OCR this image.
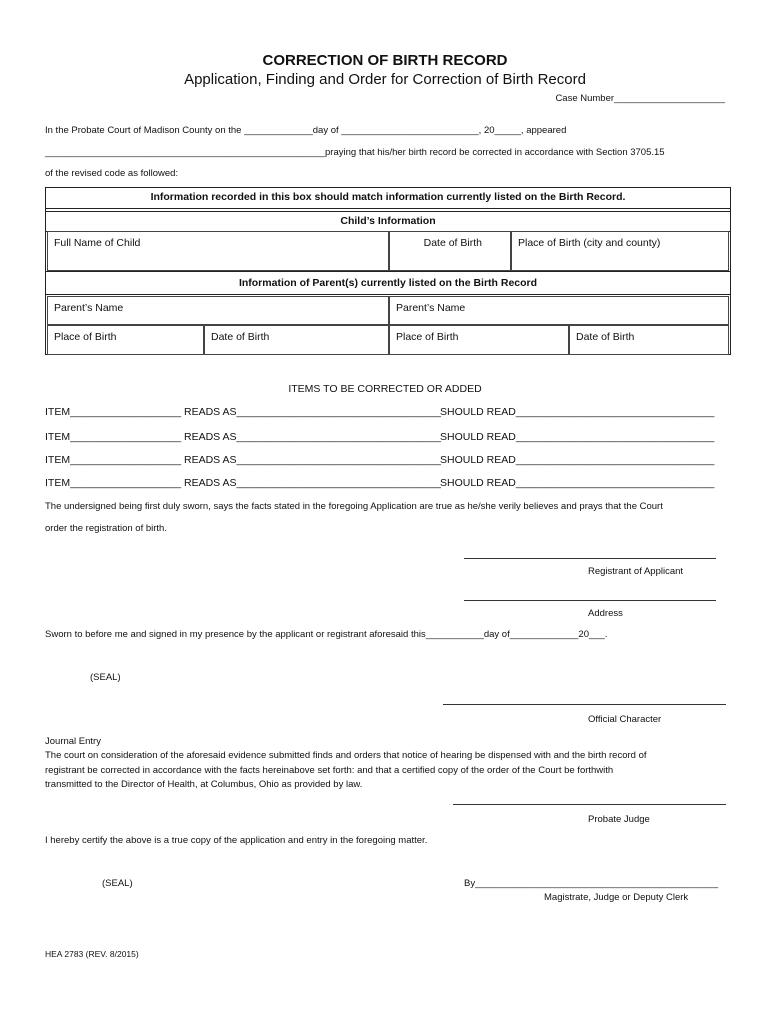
CORRECTION OF BIRTH RECORD
Application, Finding and Order for Correction of Birth Record
Case Number_____________________
In the Probate Court of Madison County on the _____________day of __________________________, 20_____, appeared
_____________________________________________________praying that his/her birth record be corrected in accordance with Section 3705.15
of the revised code as followed:
Information recorded in this box should match information currently listed on the Birth Record.
Child’s Information
Full Name of Child	Date of Birth	Place of Birth (city and county)
Information of Parent(s) currently listed on the Birth Record
Parent’s Name	Parent’s Name
Place of Birth	Date of Birth	Place of Birth	Date of Birth
ITEMS TO BE CORRECTED OR ADDED
ITEM___________________ READS AS___________________________________ SHOULD READ__________________________________
ITEM___________________ READS AS___________________________________ SHOULD READ__________________________________
ITEM___________________ READS AS___________________________________ SHOULD READ__________________________________
ITEM___________________ READS AS___________________________________ SHOULD READ__________________________________
The undersigned being first duly sworn, says the facts stated in the foregoing Application are true as he/she verily believes and prays that the Court
order the registration of birth.
Registrant of Applicant
Address
Sworn to before me and signed in my presence by the applicant or registrant aforesaid this___________day of_____________20___.
(SEAL)
Official Character
Journal Entry
The court on consideration of the aforesaid evidence submitted finds and orders that notice of hearing be dispensed with and the birth record of
registrant be corrected in accordance with the facts hereinabove set forth: and that a certified copy of the order of the Court be forthwith
transmitted to the Director of Health, at Columbus, Ohio as provided by law.
Probate Judge
I hereby certify the above is a true copy of the application and entry in the foregoing matter.
(SEAL)	By______________________________________________
Magistrate, Judge or Deputy Clerk
HEA 2783 (REV. 8/2015)
